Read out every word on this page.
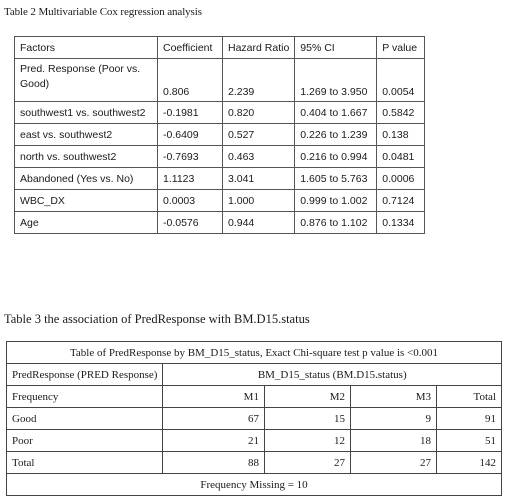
Table 2 Multivariable Cox regression analysis
Factors	Coefficient	Hazard Ratio	95% CI	P value
Pred. Response (Poor vs. Good)	0.806	2.239	1.269 to 3.950	0.0054
southwest1 vs. southwest2	-0.1981	0.820	0.404 to 1.667	0.5842
east vs. southwest2	-0.6409	0.527	0.226 to 1.239	0.138
north vs. southwest2	-0.7693	0.463	0.216 to 0.994	0.0481
Abandoned (Yes vs. No)	1.1123	3.041	1.605 to 5.763	0.0006
WBC_DX	0.0003	1.000	0.999 to 1.002	0.7124
Age	-0.0576	0.944	0.876 to 1.102	0.1334
Table 3 the association of PredResponse with BM.D15.status
Table of PredResponse by BM_D15_status, Exact Chi-square test p value is <0.001				
PredResponse (PRED Response)	BM_D15_status (BM.D15.status)			
Frequency	M1	M2	M3	Total
Good	67	15	9	91
Poor	21	12	18	51
Total	88	27	27	142
Frequency Missing = 10				
